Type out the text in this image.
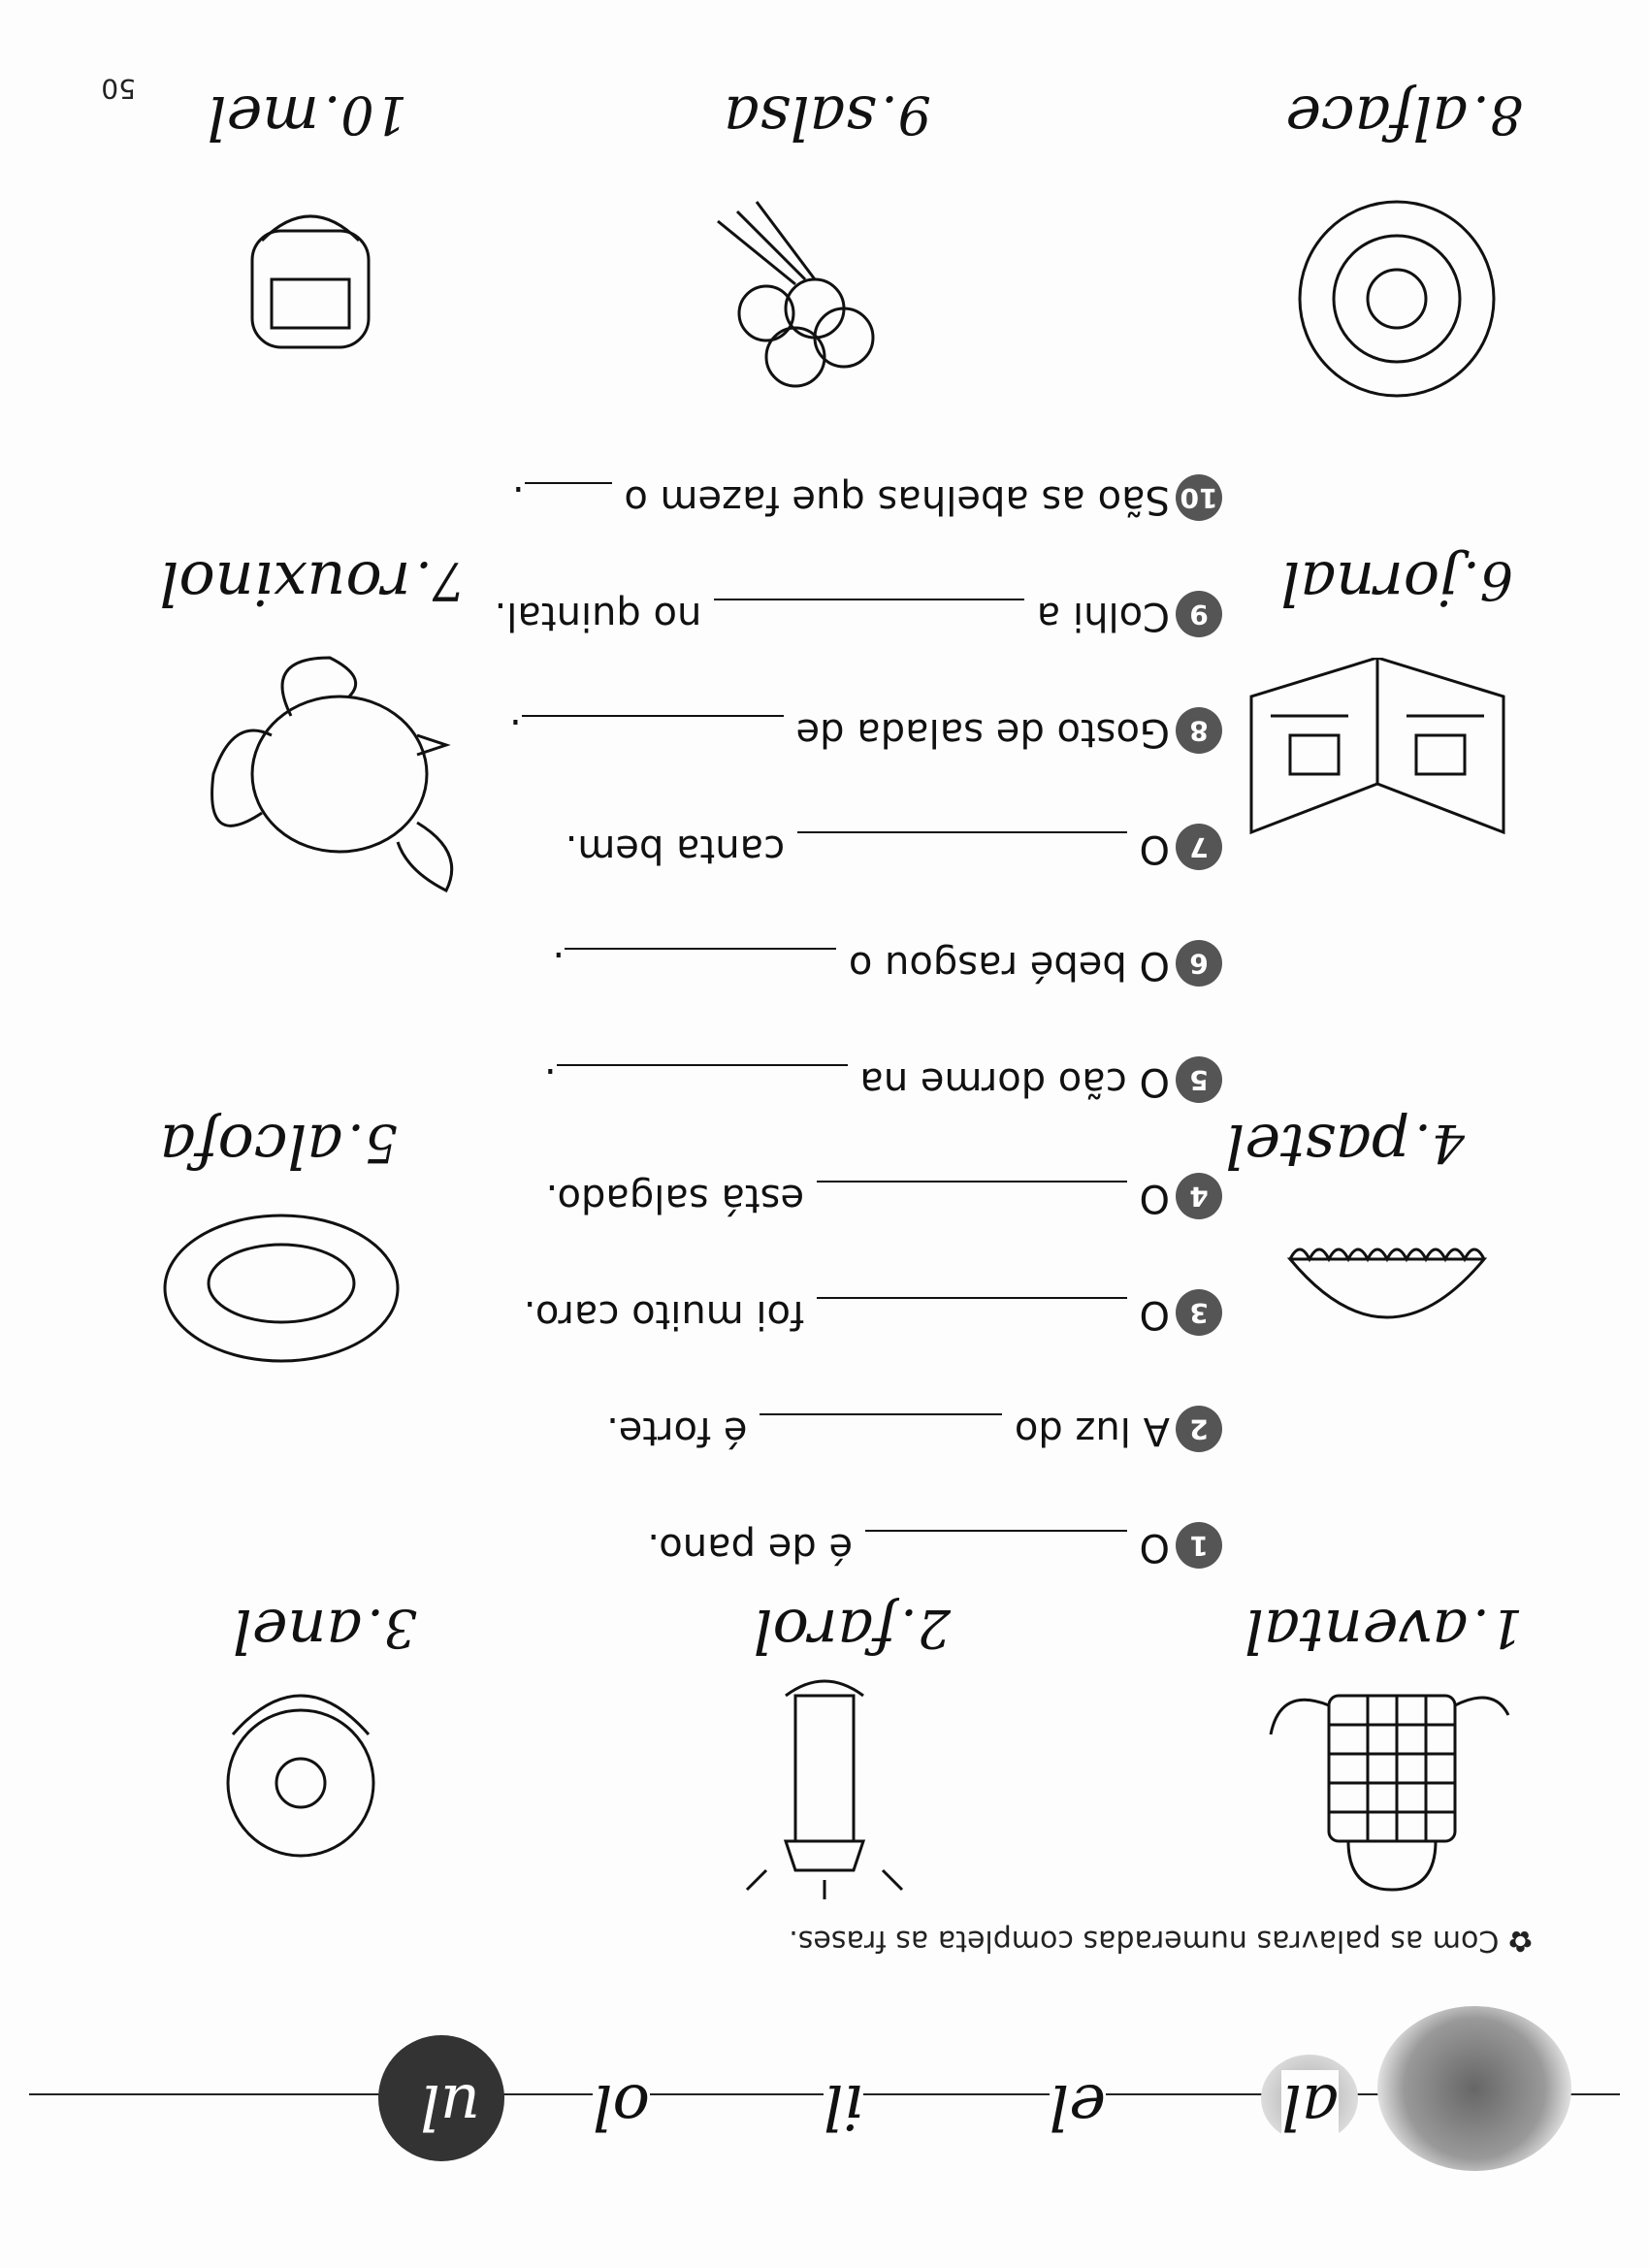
50
al
el
il
ol
ul
✿ Com as palavras numeradas completa as frases.
1. avental
2. farol
3. anel
4. pastel
5. alcofa
1O  é de pano.
2A luz do  é forte.
3O  foi muito caro.
4O  está salgado.
5O cão dorme na .
6O bebé rasgou o .
7O  canta bem.
8Gosto de salada de .
9Colhi a  no quintal.
10São as abelhas que fazem o .
6. jornal
7. rouxinol
8. alface
9. salsa
10. mel
